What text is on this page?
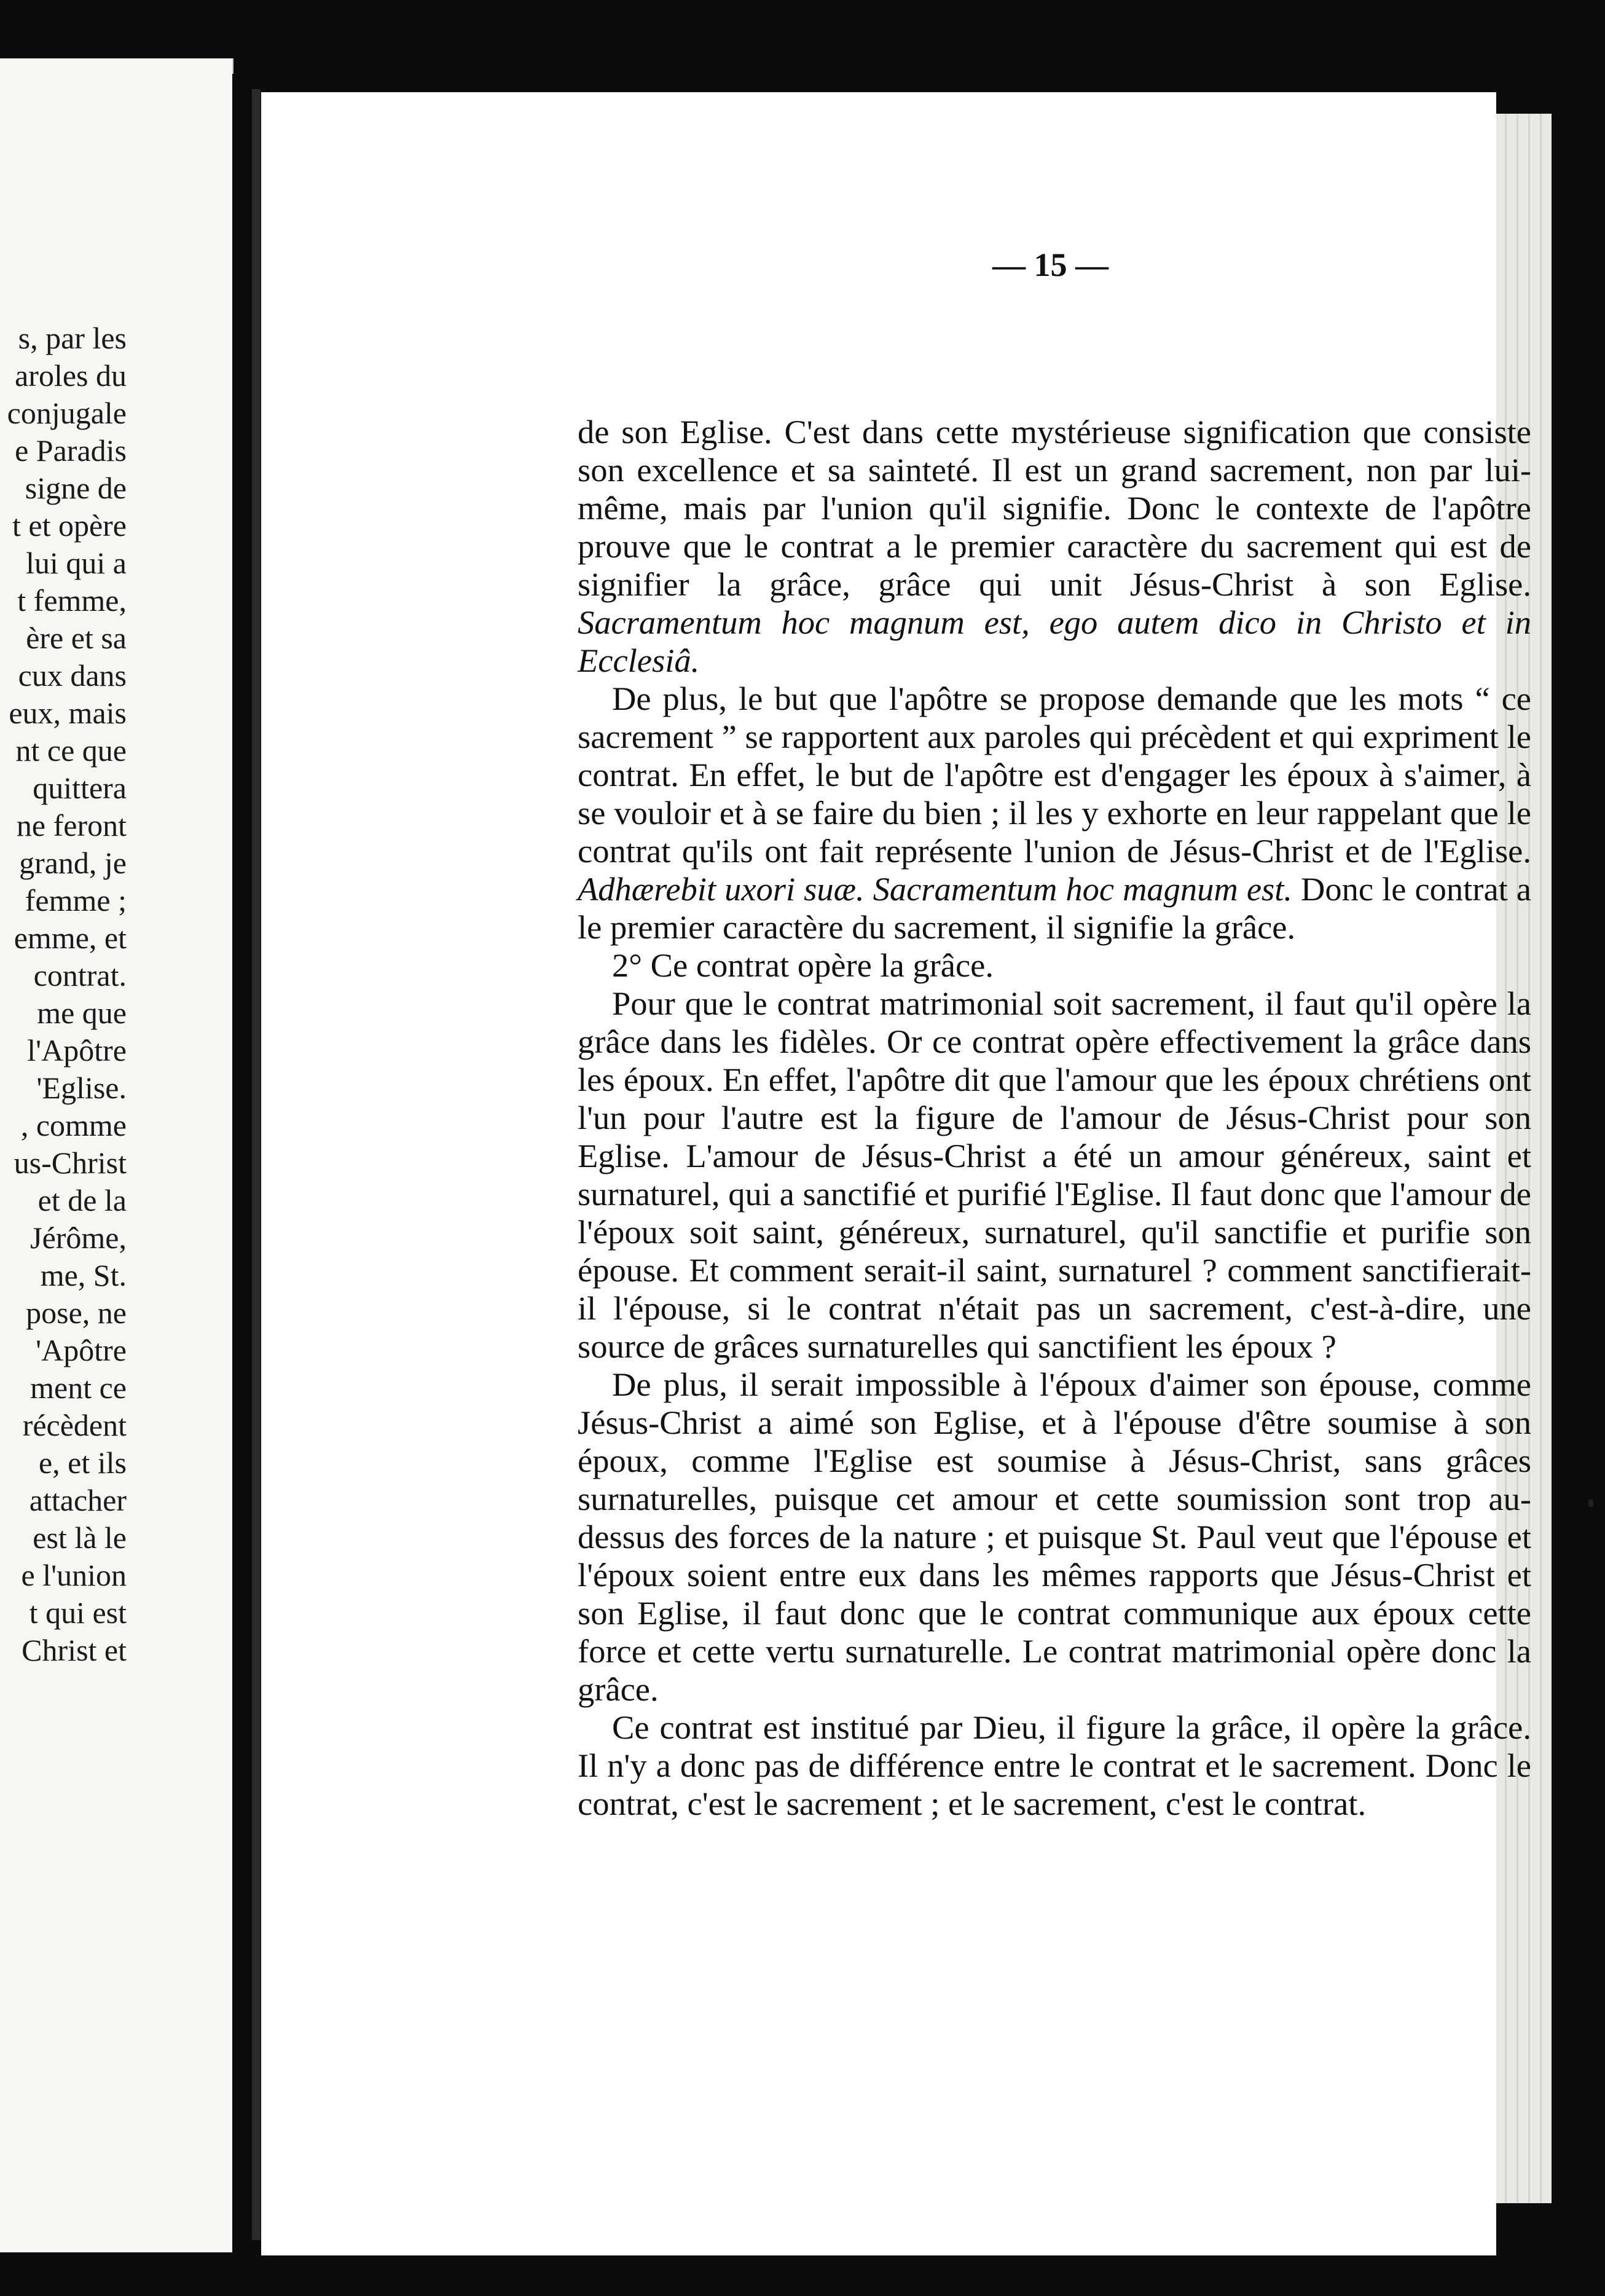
s, par les
aroles du
conjugale
e Paradis
signe de
t et opère
lui qui a
t femme,
ère et sa
cux dans
eux, mais
nt ce que
quittera
ne feront
grand, je
femme ;
emme, et
contrat.
me que
l'Apôtre
'Eglise.
, comme
us-Christ
et de la
Jérôme,
me, St.
pose, ne
'Apôtre
ment ce
récèdent
e, et ils
attacher
est là le
e l'union
t qui est
Christ et
— 15 —

de son Eglise. C'est dans cette mystérieuse signification que consiste son excellence et sa sainteté. Il est un grand sacrement, non par lui-même, mais par l'union qu'il signifie. Donc le contexte de l'apôtre prouve que le contrat a le premier caractère du sacrement qui est de signifier la grâce, grâce qui unit Jésus-Christ à son Eglise. Sacramentum hoc magnum est, ego autem dico in Christo et in Ecclesiâ.

De plus, le but que l'apôtre se propose demande que les mots “ ce sacrement ” se rapportent aux paroles qui précèdent et qui expriment le contrat. En effet, le but de l'apôtre est d'engager les époux à s'aimer, à se vouloir et à se faire du bien ; il les y exhorte en leur rappelant que le contrat qu'ils ont fait représente l'union de Jésus-Christ et de l'Eglise. Adhærebit uxori suæ. Sacramentum hoc magnum est. Donc le contrat a le premier caractère du sacrement, il signifie la grâce.

2° Ce contrat opère la grâce.

Pour que le contrat matrimonial soit sacrement, il faut qu'il opère la grâce dans les fidèles. Or ce contrat opère effectivement la grâce dans les époux. En effet, l'apôtre dit que l'amour que les époux chrétiens ont l'un pour l'autre est la figure de l'amour de Jésus-Christ pour son Eglise. L'amour de Jésus-Christ a été un amour généreux, saint et surnaturel, qui a sanctifié et purifié l'Eglise. Il faut donc que l'amour de l'époux soit saint, généreux, surnaturel, qu'il sanctifie et purifie son épouse. Et comment serait-il saint, surnaturel ? comment sanctifierait-il l'épouse, si le contrat n'était pas un sacrement, c'est-à-dire, une source de grâces surnaturelles qui sanctifient les époux ?

De plus, il serait impossible à l'époux d'aimer son épouse, comme Jésus-Christ a aimé son Eglise, et à l'épouse d'être soumise à son époux, comme l'Eglise est soumise à Jésus-Christ, sans grâces surnaturelles, puisque cet amour et cette soumission sont trop au-dessus des forces de la nature ; et puisque St. Paul veut que l'épouse et l'époux soient entre eux dans les mêmes rapports que Jésus-Christ et son Eglise, il faut donc que le contrat communique aux époux cette force et cette vertu surnaturelle. Le contrat matrimonial opère donc la grâce.

Ce contrat est institué par Dieu, il figure la grâce, il opère la grâce. Il n'y a donc pas de différence entre le contrat et le sacrement. Donc le contrat, c'est le sacrement ; et le sacrement, c'est le contrat.
